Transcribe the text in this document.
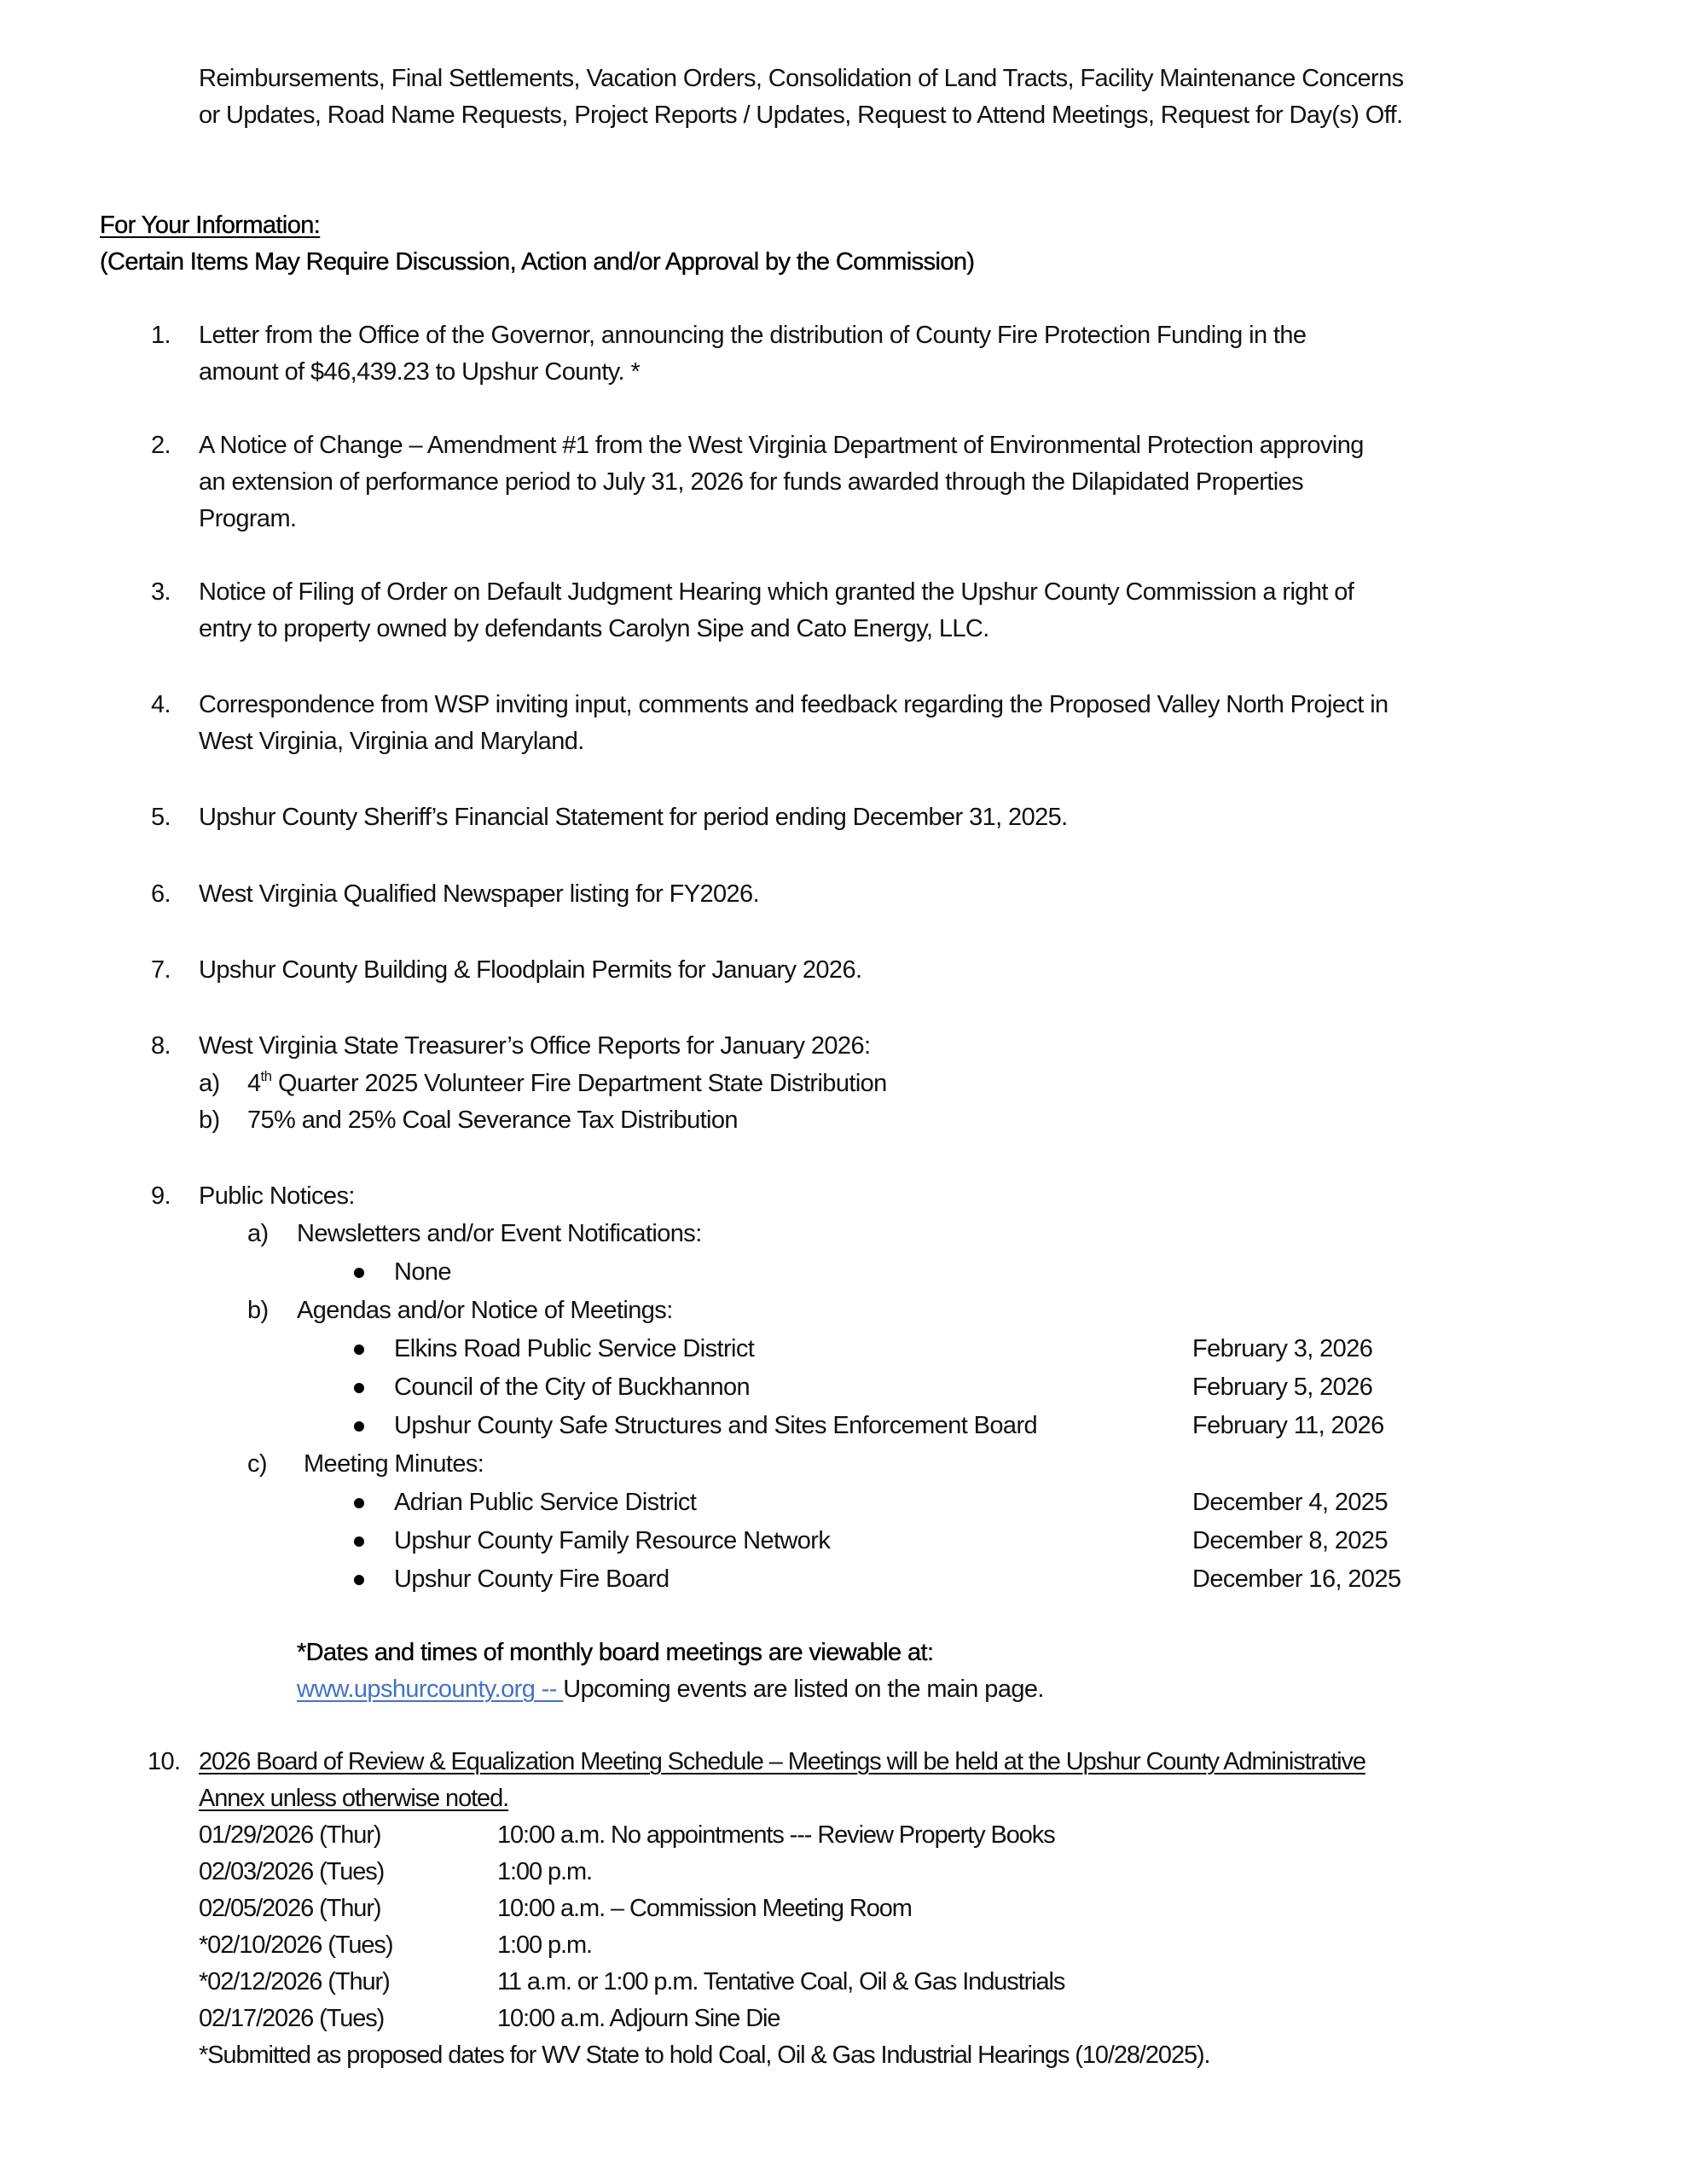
Reimbursements, Final Settlements, Vacation Orders, Consolidation of Land Tracts, Facility Maintenance Concerns
or Updates, Road Name Requests, Project Reports / Updates, Request to Attend Meetings, Request for Day(s) Off.
For Your Information:
(Certain Items May Require Discussion, Action and/or Approval by the Commission)
1. Letter from the Office of the Governor, announcing the distribution of County Fire Protection Funding in the
amount of $46,439.23 to Upshur County. *
2. A Notice of Change – Amendment #1 from the West Virginia Department of Environmental Protection approving
an extension of performance period to July 31, 2026 for funds awarded through the Dilapidated Properties
Program.
3. Notice of Filing of Order on Default Judgment Hearing which granted the Upshur County Commission a right of
entry to property owned by defendants Carolyn Sipe and Cato Energy, LLC.
4. Correspondence from WSP inviting input, comments and feedback regarding the Proposed Valley North Project in
West Virginia, Virginia and Maryland.
5. Upshur County Sheriff’s Financial Statement for period ending December 31, 2025.
6. West Virginia Qualified Newspaper listing for FY2026.
7. Upshur County Building & Floodplain Permits for January 2026.
8. West Virginia State Treasurer’s Office Reports for January 2026:
a) 4th Quarter 2025 Volunteer Fire Department State Distribution
b) 75% and 25% Coal Severance Tax Distribution
9. Public Notices:
a) Newsletters and/or Event Notifications:
None
b) Agendas and/or Notice of Meetings:
Elkins Road Public Service District	February 3, 2026
Council of the City of Buckhannon	February 5, 2026
Upshur County Safe Structures and Sites Enforcement Board	February 11, 2026
c) Meeting Minutes:
Adrian Public Service District	December 4, 2025
Upshur County Family Resource Network	December 8, 2025
Upshur County Fire Board	December 16, 2025
*Dates and times of monthly board meetings are viewable at:
www.upshurcounty.org -- Upcoming events are listed on the main page.
10. 2026 Board of Review & Equalization Meeting Schedule – Meetings will be held at the Upshur County Administrative
Annex unless otherwise noted.
01/29/2026 (Thur)	10:00 a.m. No appointments --- Review Property Books
02/03/2026 (Tues)	1:00 p.m.
02/05/2026 (Thur)	10:00 a.m. – Commission Meeting Room
*02/10/2026 (Tues)	1:00 p.m.
*02/12/2026 (Thur)	11 a.m. or 1:00 p.m. Tentative Coal, Oil & Gas Industrials
02/17/2026 (Tues)	10:00 a.m. Adjourn Sine Die
*Submitted as proposed dates for WV State to hold Coal, Oil & Gas Industrial Hearings (10/28/2025).
